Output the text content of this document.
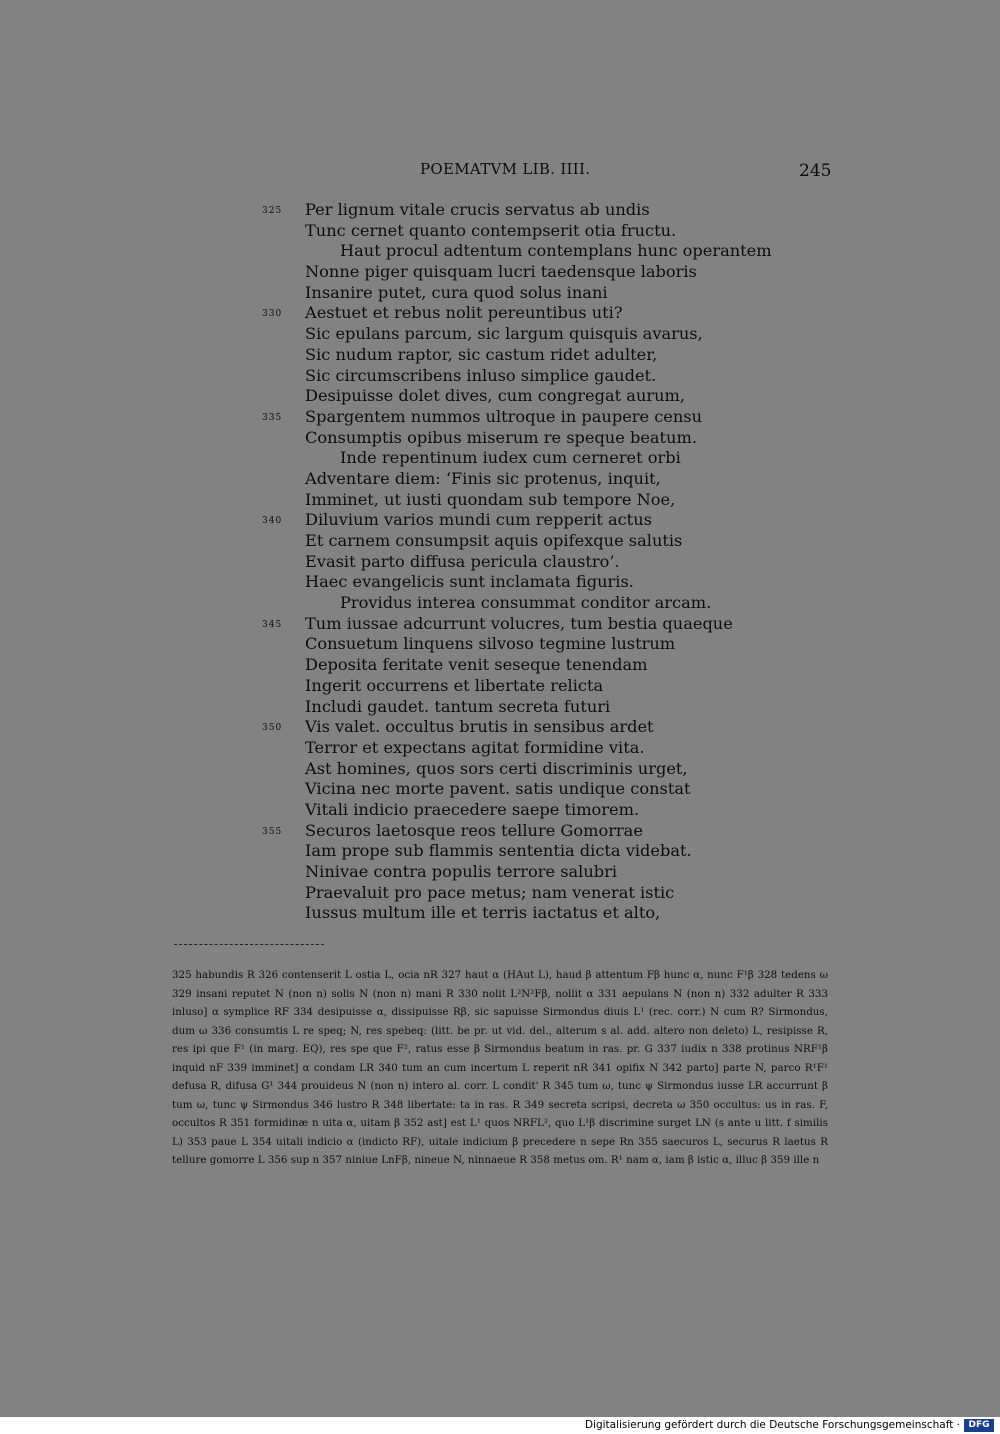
POEMATVM LIB. IIII.	245
325 Per lignum vitale crucis servatus ab undis
Tunc cernet quanto contempserit otia fructu.
Haut procul adtentum contemplans hunc operantem
Nonne piger quisquam lucri taedensque laboris
Insanire putet, cura quod solus inani
330 Aestuet et rebus nolit pereuntibus uti?
Sic epulans parcum, sic largum quisquis avarus,
Sic nudum raptor, sic castum ridet adulter,
Sic circumscribens inluso simplice gaudet.
Desipuisse dolet dives, cum congregat aurum,
335 Spargentem nummos ultroque in paupere censu
Consumptis opibus miserum re speque beatum.
Inde repentinum iudex cum cerneret orbi
Adventare diem: ‘Finis sic protenus, inquit,
Imminet, ut iusti quondam sub tempore Noe,
340 Diluvium varios mundi cum repperit actus
Et carnem consumpsit aquis opifexque salutis
Evasit parto diffusa pericula claustro’.
Haec evangelicis sunt inclamata figuris.
Providus interea consummat conditor arcam.
345 Tum iussae adcurrunt volucres, tum bestia quaeque
Consuetum linquens silvoso tegmine lustrum
Deposita feritate venit seseque tenendam
Ingerit occurrens et libertate relicta
Includi gaudet. tantum secreta futuri
350 Vis valet. occultus brutis in sensibus ardet
Terror et expectans agitat formidine vita.
Ast homines, quos sors certi discriminis urget,
Vicina nec morte pavent. satis undique constat
Vitali indicio praecedere saepe timorem.
355 Securos laetosque reos tellure Gomorrae
Iam prope sub flammis sententia dicta videbat.
Ninivae contra populis terrore salubri
Praevaluit pro pace metus; nam venerat istic
Iussus multum ille et terris iactatus et alto,

325 habundis R 326 contenserit L ostia L, ocia nR 327 haut α (HAut L), haud β attentum Fβ hunc α, nunc F¹β 328 tedens ω 329 insani reputet N (non n) solis N (non n) mani R 330 nolit L²N²Fβ, nollit α 331 aepulans N (non n) 332 adulter R 333 inluso] α symplice RF 334 desipuisse α, dissipuisse Rβ, sic sapuisse Sirmondus diuis L¹ (rec. corr.) N cum R? Sirmondus, dum ω 336 consumtis L re speq; N, res spebeq: (litt. be pr. ut vid. del., alterum s al. add. altero non deleto) L, resipisse R, res ipi que F¹ (in marg. EQ), res spe que F², ratus esse β Sirmondus beatum in ras. pr. G 337 iudix n 338 protinus NRF¹β inquid nF 339 imminet] α condam LR 340 tum an cum incertum L reperit nR 341 opifix N 342 parto] parte N, parco R¹F¹ defusa R, difusa G¹ 344 prouideus N (non n) intero al. corr. L condit' R 345 tum ω, tunc ψ Sirmondus iusse LR accurrunt β tum ω, tunc ψ Sirmondus 346 lustro R 348 libertate: ta in ras. R 349 secreta scripsi, decreta ω 350 occultus: us in ras. F, occultos R 351 formidinæ n uita α, uitam β 352 ast] est L¹ quos NRFL², quo L¹β discrimine surget LN (s ante u litt. f similis L) 353 paue L 354 uitali indicio α (indicto RF), uitale indicium β precedere n sepe Rn 355 saecuros L, securus R laetus R tellure gomorre L 356 sup n 357 niniue LnFβ, nineue N, ninnaeue R 358 metus om. R¹ nam α, iam β istic α, illuc β 359 ille n

Digitalisierung gefördert durch die Deutsche Forschungsgemeinschaft · DFG
